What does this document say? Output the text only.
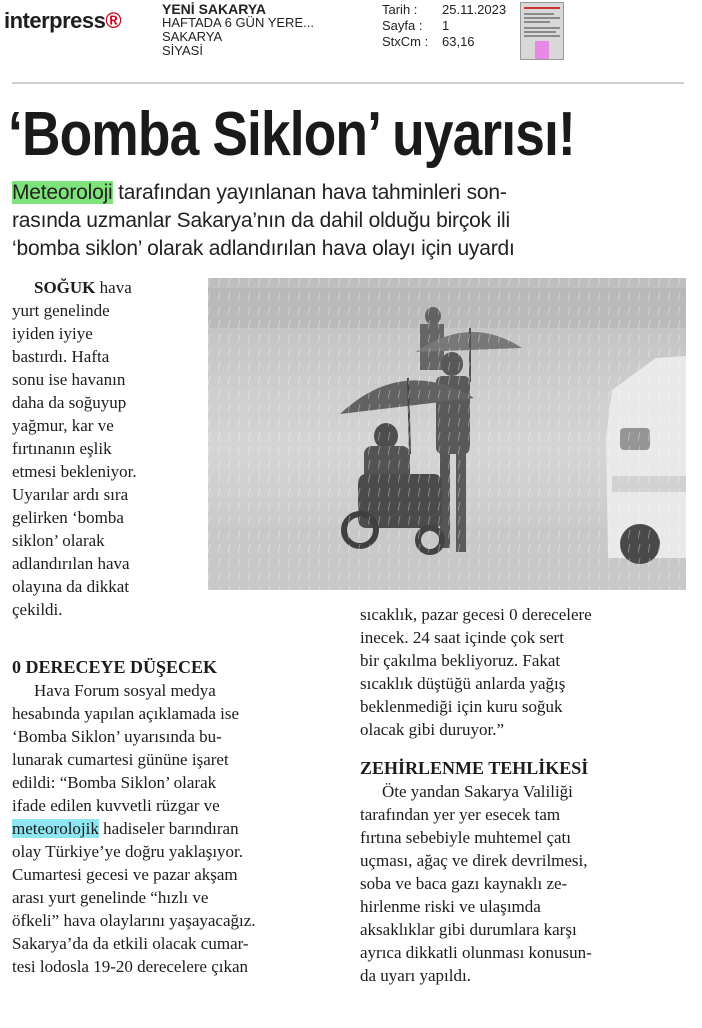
interpress®	YENİ SAKARYA
HAFTADA 6 GÜN YERE...
SAKARYA
SİYASİ
Tarih :	25.11.2023
Sayfa :	1
StxCm :	63,16
‘Bomba Siklon’ uyarısı!
Meteoroloji tarafından yayınlanan hava tahminleri son-
rasında uzmanlar Sakarya’nın da dahil olduğu birçok ili
‘bomba siklon’ olarak adlandırılan hava olayı için uyardı
SOĞUK hava
yurt genelinde
iyiden iyiye
bastırdı. Hafta
sonu ise havanın
daha da soğuyup
yağmur, kar ve
fırtınanın eşlik
etmesi bekleniyor.
Uyarılar ardı sıra
gelirken ‘bomba
siklon’ olarak
adlandırılan hava
olayına da dikkat
çekildi.
0 DERECEYE DÜŞECEK
Hava Forum sosyal medya
hesabında yapılan açıklamada ise
‘Bomba Siklon’ uyarısında bu-
lunarak cumartesi gününe işaret
edildi: “Bomba Siklon’ olarak
ifade edilen kuvvetli rüzgar ve
meteorolojik hadiseler barındıran
olay Türkiye’ye doğru yaklaşıyor.
Cumartesi gecesi ve pazar akşam
arası yurt genelinde “hızlı ve
öfkeli” hava olaylarını yaşayacağız.
Sakarya’da da etkili olacak cumar-
tesi lodosla 19-20 derecelere çıkan
sıcaklık, pazar gecesi 0 derecelere
inecek. 24 saat içinde çok sert
bir çakılma bekliyoruz. Fakat
sıcaklık düştüğü anlarda yağış
beklenmediği için kuru soğuk
olacak gibi duruyor.”
ZEHİRLENME TEHLİKESİ
Öte yandan Sakarya Valiliği
tarafından yer yer esecek tam
fırtına sebebiyle muhtemel çatı
uçması, ağaç ve direk devrilmesi,
soba ve baca gazı kaynaklı ze-
hirlenme riski ve ulaşımda
aksaklıklar gibi durumlara karşı
ayrıca dikkatli olunması konusun-
da uyarı yapıldı.
